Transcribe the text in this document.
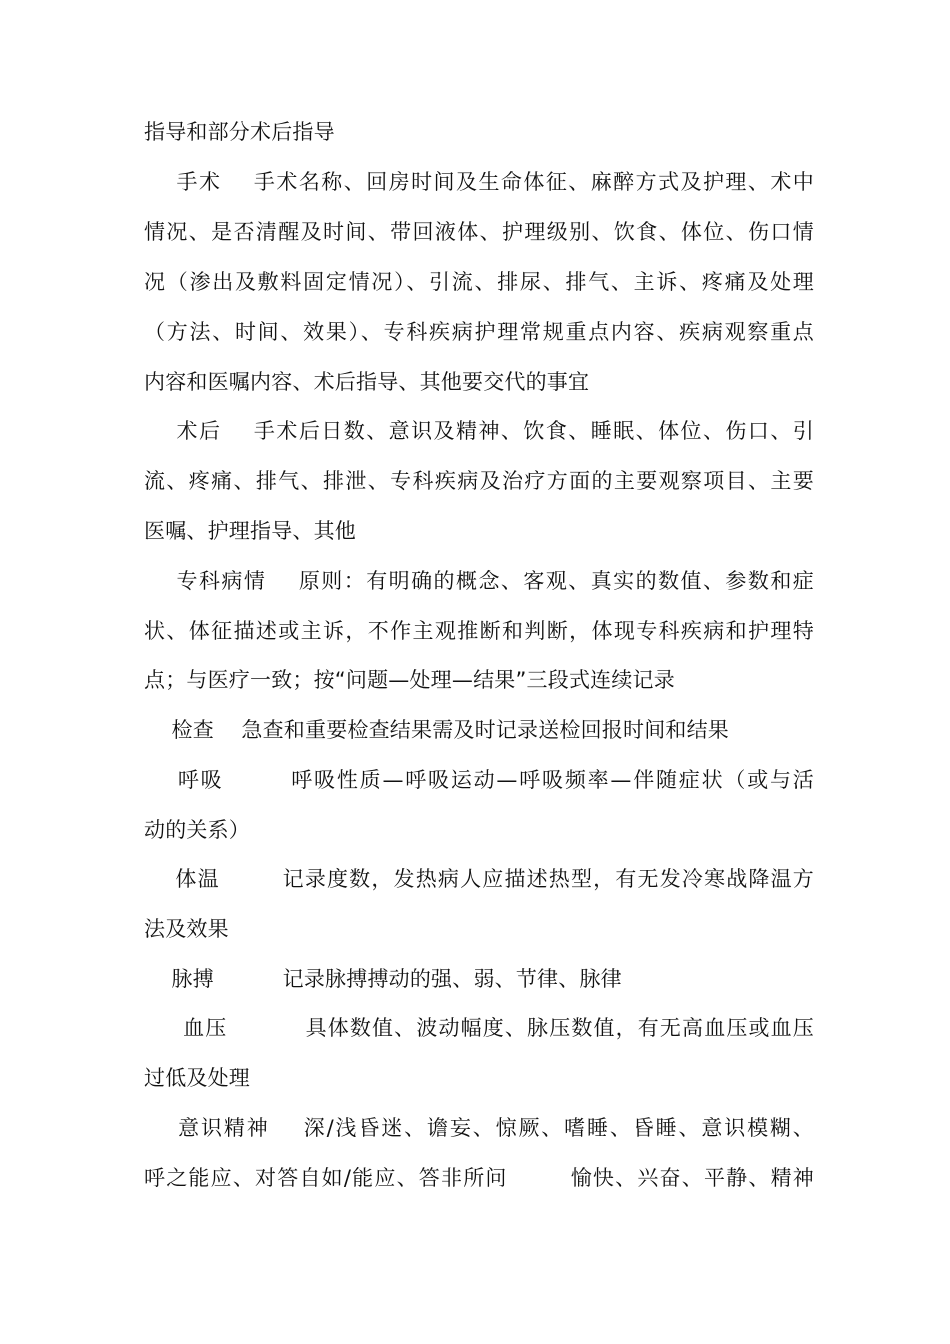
指导和部分术后指导
手术    手术名称、回房时间及生命体征、麻醉方式及护理、术中
情况、是否清醒及时间、带回液体、护理级别、饮食、体位、伤口情
况（渗出及敷料固定情况）、引流、排尿、排气、主诉、疼痛及处理
（方法、时间、效果）、专科疾病护理常规重点内容、疾病观察重点
内容和医嘱内容、术后指导、其他要交代的事宜
术后    手术后日数、意识及精神、饮食、睡眠、体位、伤口、引
流、疼痛、排气、排泄、专科疾病及治疗方面的主要观察项目、主要
医嘱、护理指导、其他
专科病情    原则：有明确的概念、客观、真实的数值、参数和症
状、体征描述或主诉，不作主观推断和判断，体现专科疾病和护理特
点；与医疗一致；按“问题—处理—结果”三段式连续记录
检查    急查和重要检查结果需及时记录送检回报时间和结果
呼吸        呼吸性质—呼吸运动—呼吸频率—伴随症状（或与活
动的关系）
体温        记录度数，发热病人应描述热型，有无发冷寒战降温方
法及效果
脉搏          记录脉搏搏动的强、弱、节律、脉律
血压          具体数值、波动幅度、脉压数值，有无高血压或血压
过低及处理
意识精神    深/浅昏迷、谵妄、惊厥、嗜睡、昏睡、意识模糊、
呼之能应、对答自如/能应、答非所问        愉快、兴奋、平静、精神
